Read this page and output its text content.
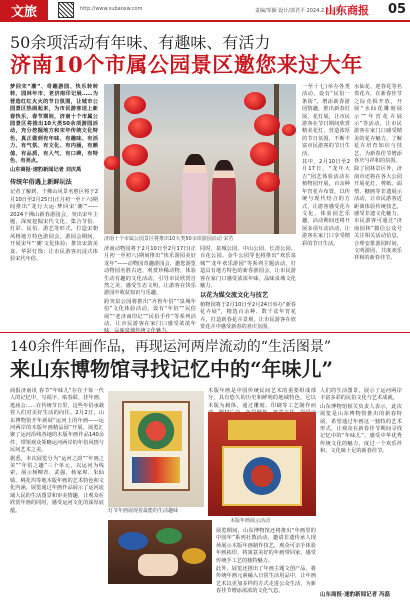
文旅	http://www.subaoxw.com	责编/邹颖 设计/郭君平 2024.2.3 星期六
山东商报 05
50余项活动有年味、有趣味、有活力
济南10个市属公园景区邀您来过大年

梦回宋“潮”、奇趣游园、快乐转转转、园林年市、老济南印记展……为营造红红火火的节日氛围，让城市公园景区热闹起来，为市民游客送上新春快乐，春节期间，济南十个市属公园景区将推出10大类50余项游园活动，充分挖掘地方和宋年传统文化特色，真正做到有年味、有趣味、有活力、有气氛、有文化、有内涵，有颜值、有品质，有人气、有口碑，有特色、有亮点。

山东商报·速豹新闻记者 刘庆禹

传统年俗遇上新鲜玩法

记者了解到，千佛山风景名胜区将于2月10日至2月25日(正月初一至十六)期间推出“龙行大运·梦回宋‘潮’”——2024千佛山新春游园会，突出宋年主题，深度挖掘宋代文化，集合节俗、灯彩、民俗、游艺等形式，打造宋朝风格地方特色游园会。游园会期间，开展宋年“‘潮’文化体验；推出宋韵美食、华彩灯饰；让市民游客沉浸式体验宋代年俗。

济南十个市属公园景区将推出10大类50余项游园活动 宋苦

济南动物园将于2月10日至2月17日(正月初一至初八)期间推出“快乐游园美好龙年”——动物园奇趣游园会，邀您游览动物园名胜古迹、观赏珍稀动物，体验生动有趣的文化活动，引导市民欣赏自然之美、感受生态文明，让游客在快乐游园中收获知识与乐趣。

趵突泉公园将推出“齐鲁年俗”“泉城年俗”文化体验活动，设有“年俗”“民俗展”“老济南印记”“民俗手作”等系列活动，让市民游客在家门口感受浓浓年

同时，泉城公园、中山公园、长清公园、百花公园、金牛公园等也将推出“欢乐泉城”“龙年欢乐游园”等系列主题活动，打造具有地方特色的新春游园会，让市民游客在家门口感受浓浓年味，品味泉城文化魅力。

以花为媒交流文化与技艺

植物园将于2月10日至2月24日举办“新春花卉展”，精选百余种、数千盆年宵花卉，打造新春花卉景观，让市民游客在欣赏花卉中感受新春的喜庆氛围。

一至十七)举办各类活动，设有“民俗一条街”，增添新春游园情趣，推出新春灯展、花灯展，让市民游客在节日期间欣赏精美花灯，营造浓厚的节日氛围，不断丰富市民游客的节日生活。

其中，2月10日至2月17日，“龙年大吉”园艺体验活动在植物园开展，百余种年宵花卉布置，以传统与现代结合的方式，让游客感受花卉文化，体验园艺乐趣，活动期间还将开展多项互动活动，让游客在家门口享受精彩的节日生活。

水仙花、迎春花等名贵花卉，在新春佳节之际竞相开放，开展“水仙花雕刻展示”“年宵花卉展示”等活动，让市民游客在家门口感受精美的花卉魅力，了解花卉培育知识与技艺，为新春佳节增添喜庆与祥和的氛围。

除了园林景区外，济南市还将在各大公园开展花灯、剪纸、面塑、糖画等非遗展示活动，让市民游客近距离体验传统技艺，感受非遗文化魅力。市民游客可通过“济南园林”微信公众号关注相关活动信息，合理安排游园时间，文明游园，共度欢乐祥和的新春佳节。

140余件年画作品，再现运河两岸流动的“生活图景”
来山东博物馆寻找记忆中的“年味儿”

商报济南讯 春节“年味儿”存在于每一代人的记忆中，写福字、贴春联、挂年画、逛庙会……在传统节日里，这些年俗承载着人们对美好生活的向往。2月2日，山东博物馆开年新展“运河上的年画——运河两岸的木版年画精品展”开展，展览汇聚了运河沿线各地的木版年画作品140余件，带领观众领略运河两岸的年俗风情与民间艺术之美。

据悉，本次展览分为“运河之韵”“年画之美”“年俗之趣”三个单元，以运河为线索，展示杨柳青、武强、杨家埠、朱仙镇、桃花坞等地木版年画的艺术特色和文化内涵。展览通过年画作品展示了运河流域人民的生活图景和审美情趣，让观众在欣赏年画的同时，感受运河文化的深厚底蕴。	灯节年画展现着最能的生活趣味

木版年画是中国传统民间艺术的重要组成部分，具有悠久的历史和鲜明的地域特色。它以木版为载体，通过雕刻、印刷等工艺制作而

木版年画展示活动

展览期间，山东博物馆还将推出“年画里的中国年”系列社教活动，邀请非遗传承人现场展示木版年画制作技艺，观众可亲手体验年画拓印，将寓意美好的年画带回家，感受传统手工艺的独特魅力。

此外，展览还推出了年画主题文创产品，将传统年画元素融入日常生活用品中，让年画艺术以更加多样的方式走进公众生活，为新春佳节增添浓浓的文化气息。

人们的生活图景，展示了运河两岸丰富多彩的民俗文化与艺术成就。

山东博物馆相关负责人表示，此次展览是山东博物馆推出的新春特展，希望通过年画这一独特的艺术形式，让观众在新春佳节期间寻找记忆中的“年味儿”，感受中华优秀传统文化的魅力，度过一个欢乐祥和、文化味十足的新春佳节。

山东商报·速豹新闻记者 冯磊
